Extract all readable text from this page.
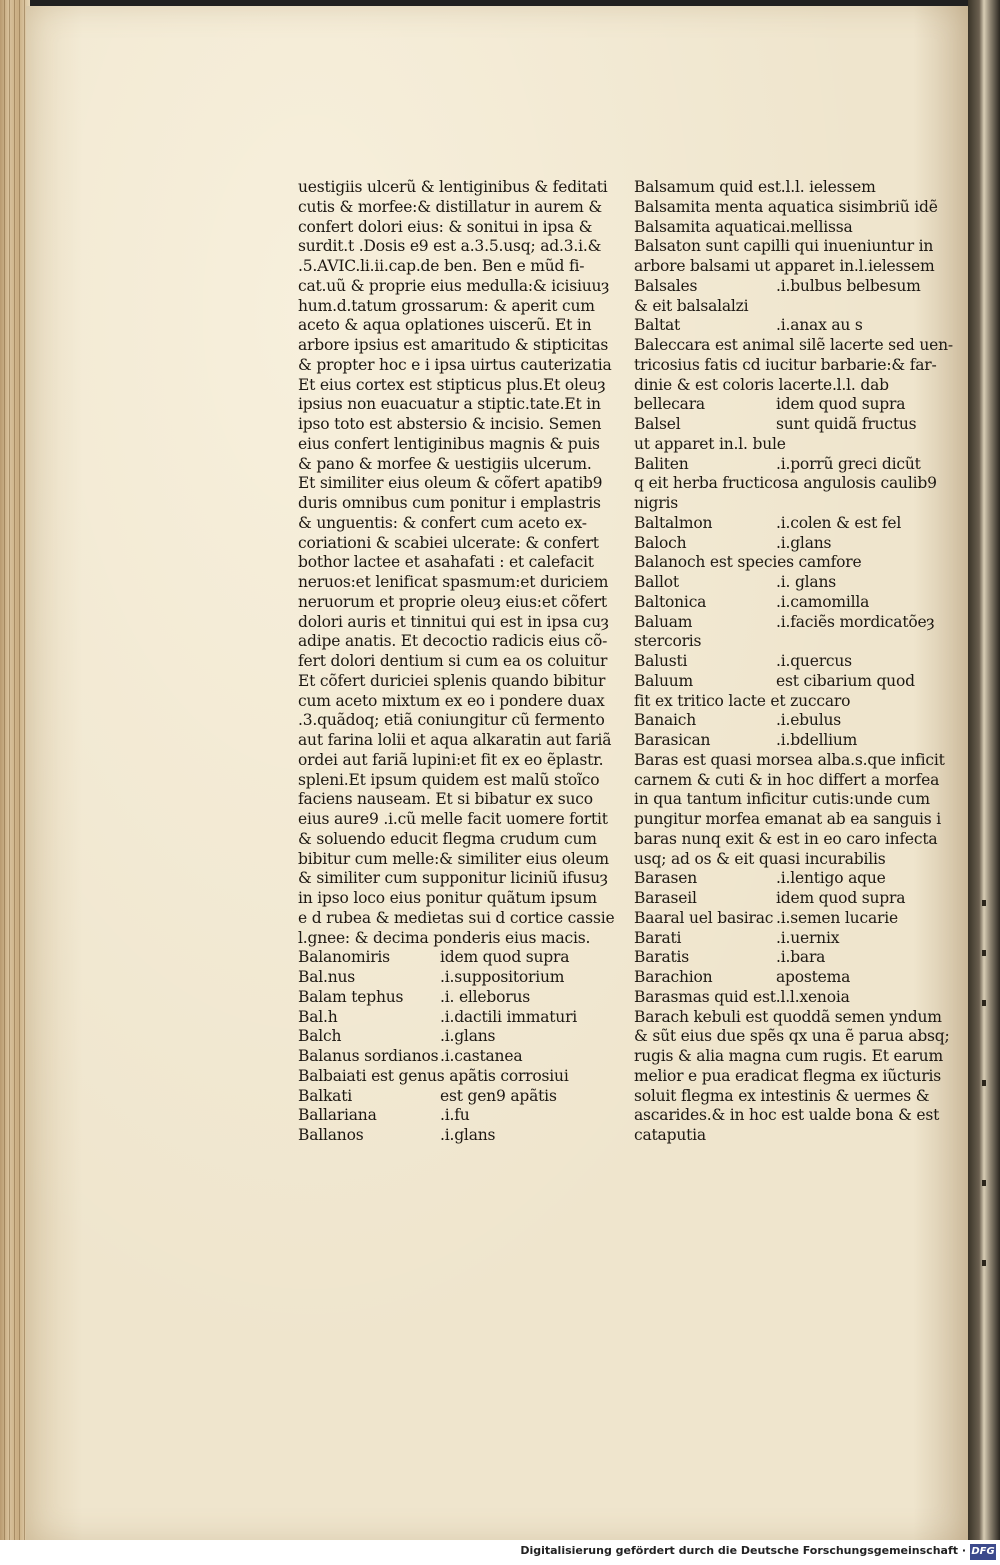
uestigiis ulcerũ & lentiginibus & feditati
cutis & morfee:& distillatur in aurem &
confert dolori eius: & sonitui in ipsa &
surdit.t .Dosis e9 est a.3.5.usq; ad.3.i.&
.5.AVIC.li.ii.cap.de ben. Ben e mũd fi-
cat.uũ & proprie eius medulla:& icisiuuȝ
hum.d.tatum grossarum: & aperit cum
aceto & aqua oplationes uiscerũ. Et in
arbore ipsius est amaritudo & stipticitas
& propter hoc e i ipsa uirtus cauterizatia
Et eius cortex est stipticus plus.Et oleuȝ
ipsius non euacuatur a stiptic.tate.Et in
ipso toto est abstersio & incisio. Semen
eius confert lentiginibus magnis & puis
& pano & morfee & uestigiis ulcerum.
Et similiter eius oleum & cõfert apatib9
duris omnibus cum ponitur i emplastris
& unguentis: & confert cum aceto ex-
coriationi & scabiei ulcerate: & confert
bothor lactee et asahafati : et calefacit
neruos:et lenificat spasmum:et duriciem
neruorum et proprie oleuȝ eius:et cõfert
dolori auris et tinnitui qui est in ipsa cuȝ
adipe anatis. Et decoctio radicis eius cõ-
fert dolori dentium si cum ea os coluitur
Et cõfert duriciei splenis quando bibitur
cum aceto mixtum ex eo i pondere duax
.3.quãdoq; etiã coniungitur cũ fermento
aut farina lolii et aqua alkaratin aut fariã
ordei aut fariã lupini:et fit ex eo ẽplastr.
spleni.Et ipsum quidem est malũ stoĩco
faciens nauseam. Et si bibatur ex suco
eius aure9 .i.cũ melle facit uomere fortit
& soluendo educit flegma crudum cum
bibitur cum melle:& similiter eius oleum
& similiter cum supponitur liciniũ ifusuȝ
in ipso loco eius ponitur quãtum ipsum
e d rubea & medietas sui d cortice cassie
l.gnee: & decima ponderis eius macis.
Balanomiris	idem quod supra
Bal.nus	.i.suppositorium
Balam tephus .i. elleborus
Bal.h	.i.dactili immaturi
Balch	.i.glans
Balanus sordianos .i.castanea
Balbaiati est genus apãtis corrosiui
Balkati	est gen9 apãtis
Ballariana	.i.fu
Ballanos	.i.glans
Balsamum quid est.l.l. ielessem
Balsamita menta aquatica sisimbriũ idẽ
Balsamita aquatica
.i.mellissa
Balsaton sunt capilli qui inueniuntur in
arbore balsami ut apparet in.l.ielessem
Balsales	.i.bulbus belbesum
& eit balsalalzi
Baltat	.i.anax au s
Baleccara est animal silẽ lacerte sed uen-
tricosius fatis cd iucitur barbarie:& far-
dinie & est coloris lacerte.l.l. dab
bellecara	idem quod supra
Balsel	sunt quidã fructus
ut apparet in.l. bule
Baliten	.i.porrũ greci dicũt
q eit herba fructicosa angulosis caulib9
nigris
Baltalmon	.i.colen & est fel
Baloch	.i.glans
Balanoch est species camfore
Ballot	.i. glans
Baltonica	.i.camomilla
Baluam	.i.faciẽs mordicatõeȝ
stercoris
Balusti	.i.quercus
Baluum	est cibarium quod
fit ex tritico lacte et zuccaro
Banaich	.i.ebulus
Barasican	.i.bdellium
Baras est quasi morsea alba.s.que inficit
carnem & cuti & in hoc differt a morfea
in qua tantum inficitur cutis:unde cum
pungitur morfea emanat ab ea sanguis i
baras nunq exit & est in eo caro infecta
usq; ad os & eit quasi incurabilis
Barasen	.i.lentigo aque
Baraseil	idem quod supra
Baaral uel basirac .i.semen lucarie
Barati	.i.uernix
Baratis	.i.bara
Barachion	apostema
Barasmas quid est.l.l.xenoia
Barach kebuli est quoddã semen yndum
& sũt eius due spẽs qx una ẽ parua absq;
rugis & alia magna cum rugis. Et earum
melior e pua eradicat flegma ex iũcturis
soluit flegma ex intestinis & uermes &
ascarides.& in hoc est ualde bona & est
cataputia
Digitalisierung gefördert durch die Deutsche Forschungsgemeinschaft · DFG
